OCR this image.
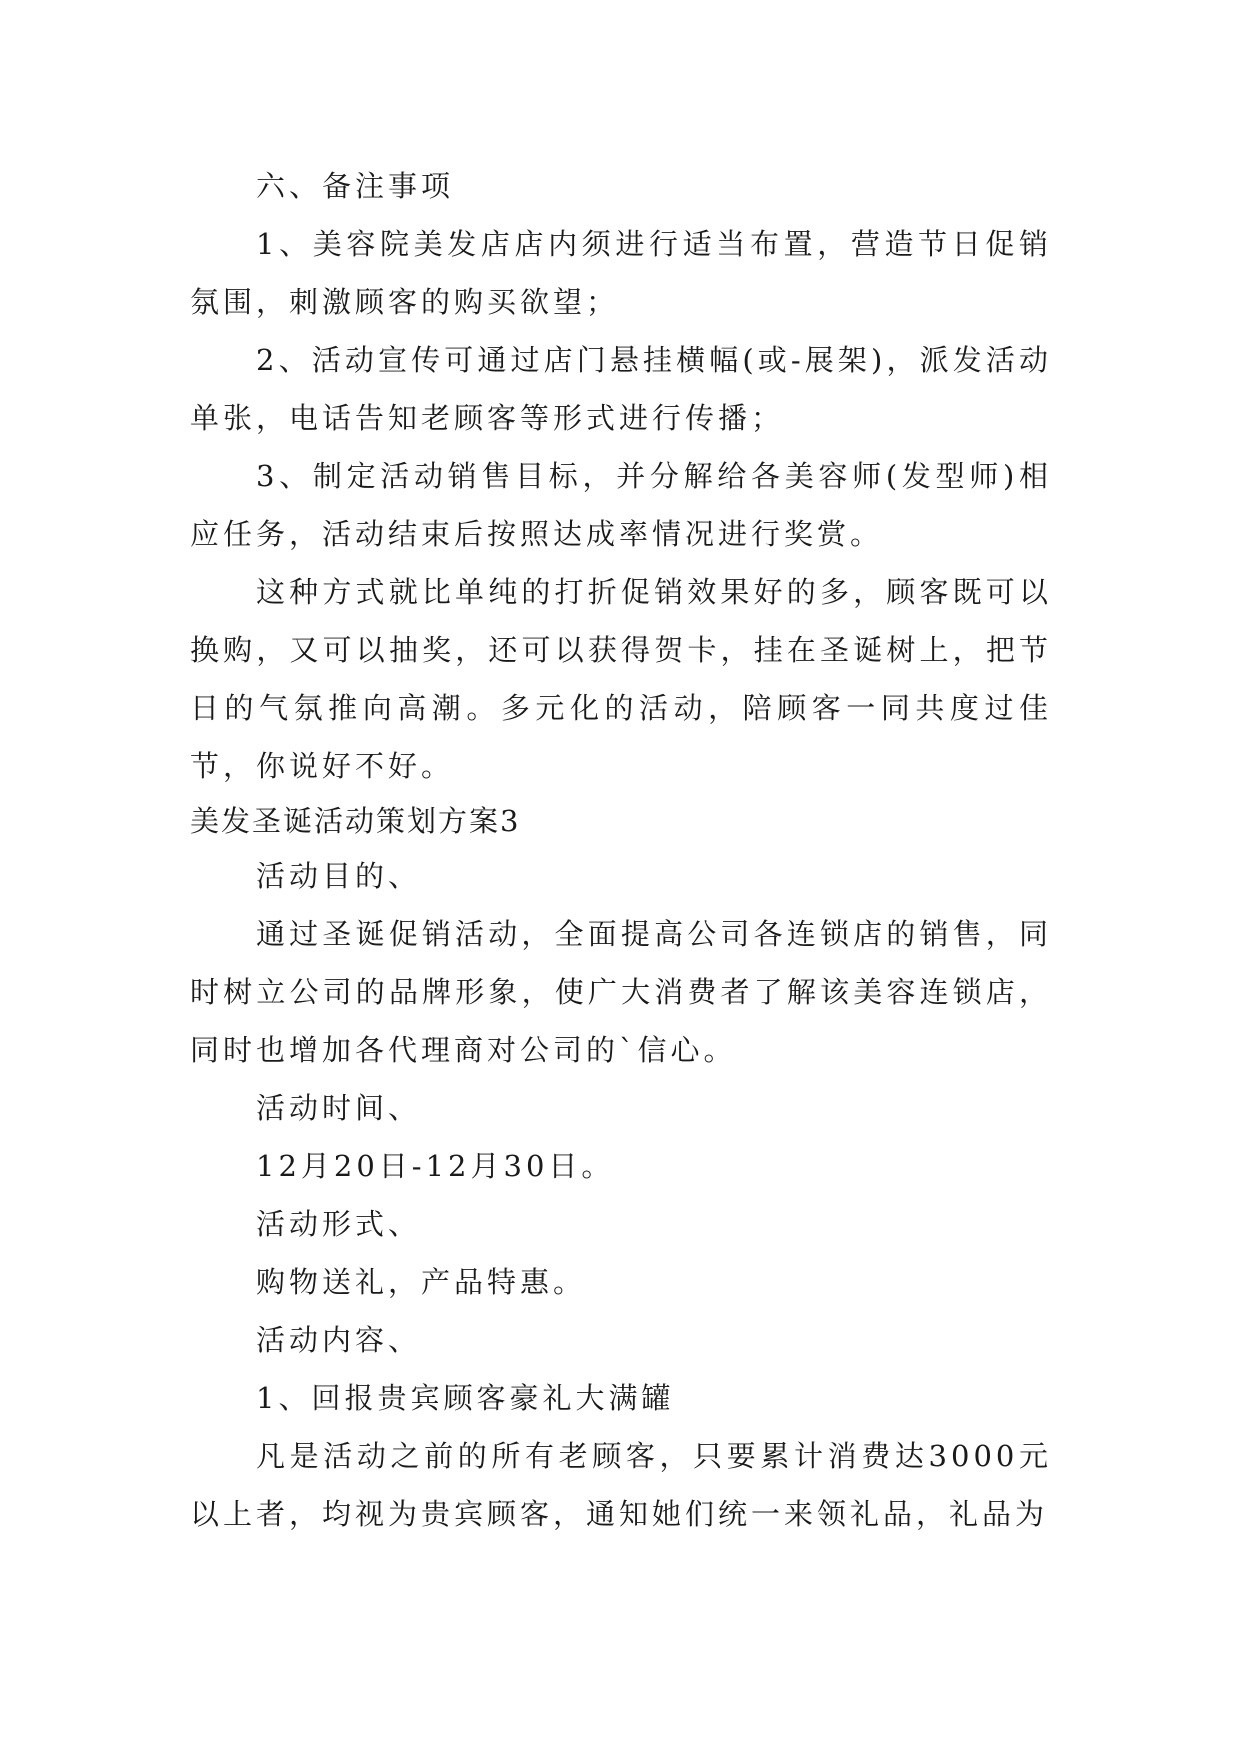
六、备注事项

1、美容院美发店店内须进行适当布置，营造节日促销氛围，刺激顾客的购买欲望；

2、活动宣传可通过店门悬挂横幅(或-展架)，派发活动单张，电话告知老顾客等形式进行传播；

3、制定活动销售目标，并分解给各美容师(发型师)相应任务，活动结束后按照达成率情况进行奖赏。

这种方式就比单纯的打折促销效果好的多，顾客既可以换购，又可以抽奖，还可以获得贺卡，挂在圣诞树上，把节日的气氛推向高潮。多元化的活动，陪顾客一同共度过佳节，你说好不好。

美发圣诞活动策划方案3

活动目的、

通过圣诞促销活动，全面提高公司各连锁店的销售，同时树立公司的品牌形象，使广大消费者了解该美容连锁店，同时也增加各代理商对公司的`信心。

活动时间、

12月20日-12月30日。

活动形式、

购物送礼，产品特惠。

活动内容、

1、回报贵宾顾客豪礼大满罐

凡是活动之前的所有老顾客，只要累计消费达3000元以上者，均视为贵宾顾客，通知她们统一来领礼品，礼品为
